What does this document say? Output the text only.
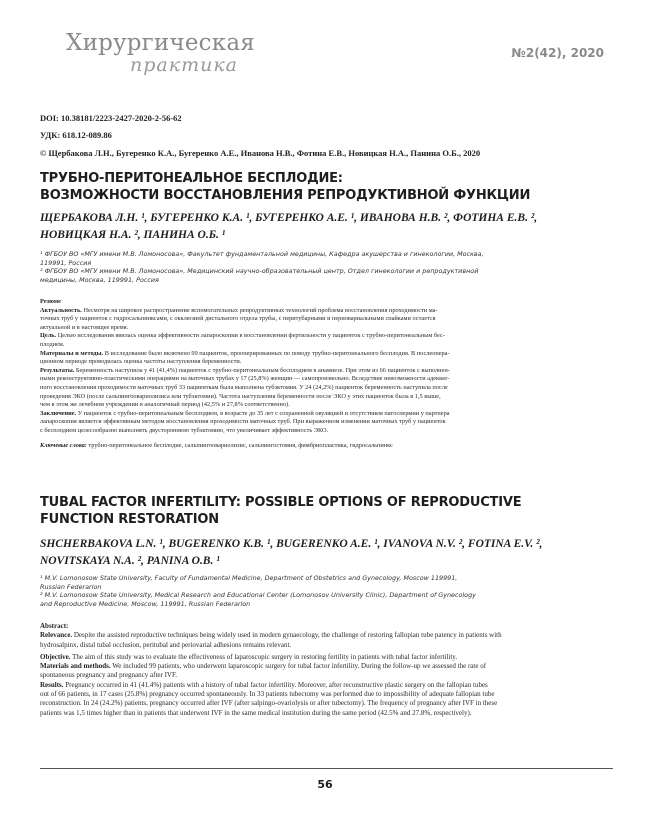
Хирургическая
практика
№2(42), 2020
DOI: 10.38181/2223-2427-2020-2-56-62
УДК: 618.12-089.86
© Щербакова Л.Н., Бугеренко К.А., Бугеренко А.Е., Иванова Н.В., Фотина Е.В., Новицкая Н.А., Панина О.Б., 2020
ТРУБНО-ПЕРИТОНЕАЛЬНОЕ БЕСПЛОДИЕ:
ВОЗМОЖНОСТИ ВОССТАНОВЛЕНИЯ РЕПРОДУКТИВНОЙ ФУНКЦИИ
ЩЕРБАКОВА Л.Н. ¹, БУГЕРЕНКО К.А. ¹, БУГЕРЕНКО А.Е. ¹, ИВАНОВА Н.В. ², ФОТИНА Е.В. ²,
НОВИЦКАЯ Н.А. ², ПАНИНА О.Б. ¹
¹ ФГБОУ ВО «МГУ имени М.В. Ломоносова», Факультет фундаментальной медицины, Кафедра акушерства и гинекологии, Москва,
119991, Россия
² ФГБОУ ВО «МГУ имени М.В. Ломоносова», Медицинский научно-образовательный центр, Отдел гинекологии и репродуктивной
медицины, Москва, 119991, Россия
Резюме
Актуальность. Несмотря на широкое распространение вспомогательных репродуктивных технологий проблема восстановления проходимости ма-
точных труб у пациенток с гидросальпинксами, с окклюзией дистального отдела трубы, с перитубарными и периовариальными спайками остается
актуальной и в настоящее время.
Цель. Целью исследования явилась оценка эффективности лапароскопии в восстановлении фертильности у пациенток с трубно-перитонеальным бес-
плодием.
Материалы и методы. В исследование было включено 99 пациенток, прооперированных по поводу трубно-перитонеального бесплодия. В послеопера-
ционном периоде проводилась оценка частоты наступления беременности.
Результаты. Беременность наступила у 41 (41,4%) пациенток с трубно-перитонеальным бесплодием в анамнезе. При этом из 66 пациенток с выполнен-
ными реконструктивно-пластическими операциями на маточных трубах у 17 (25,8%) женщин — самопроизвольно. Вследствие невозможности адекват-
ного восстановления проходимости маточных труб 33 пациенткам была выполнена тубэктомия. У 24 (24,2%) пациенток беременность наступила после
проведения ЭКО (после сальпингоовариолизиса или тубэктомии). Частота наступления беременности после ЭКО у этих пациенток была в 1,5 выше,
чем в этом же лечебном учреждении в аналогичный период (42,5% и 27,8% соответственно).
Заключение. У пациенток с трубно-перитонеальным бесплодием, в возрасте до 35 лет с сохраненной овуляцией и отсутствием патоспермии у партнера
лапароскопия является эффективным методом восстановления проходимости маточных труб. При выраженном изменении маточных труб у пациенток
с бесплодием целесообразно выполнять двустороннюю тубэктомию, что увеличивает эффективность ЭКО.
Ключевые слова: трубно-перитонеальное бесплодие, сальпингоовариолизис, сальпингостомия, фимбриопластика, гидросальпинкс
TUBAL FACTOR INFERTILITY: POSSIBLE OPTIONS OF REPRODUCTIVE
FUNCTION RESTORATION
SHCHERBAKOVA L.N. ¹, BUGERENKO K.B. ¹, BUGERENKO A.E. ¹, IVANOVA N.V. ², FOTINA E.V. ²,
NOVITSKAYA N.A. ², PANINA O.B. ¹
¹ M.V. Lomonosow State University, Faculty of Fundamental Medicine, Department of Obstetrics and Gynecology, Moscow 119991,
Russian Federarion
² M.V. Lomonosow State University, Medical Research and Educational Center (Lomonosov University Clinic), Department of Gynecology
and Reproductive Medicine, Moscow, 119991, Russian Federarion
Abstract:
Relevance. Despite the assisted reproductive techniques being widely used in modern gynaecology, the challenge of restoring fallopian tube patency in patients with
hydrosalpinx, distal tubal occlusion, peritubal and periovarial adhesions remains relevant.
Objective. The aim of this study was to evaluate the effectiveness of laparoscopic surgery in restoring fertility in patients with tubal factor infertility.
Materials and methods. We included 99 patients, who underwent laparoscopic surgery for tubal factor infertility. During the follow-up we assessed the rate of
spontaneous pregnancy and pregnancy after IVF.
Results. Pregnancy occurred in 41 (41.4%) patients with a history of tubal factor infertility. Moreover, after reconstructive plastic surgery on the fallopian tubes
out of 66 patients, in 17 cases (25.8%) pregnancy occurred spontaneously. In 33 patients tubectomy was performed due to impossibility of adequate fallopian tube
reconstruction. In 24 (24.2%) patients, pregnancy occurred after IVF (after salpingo-ovariolysis or after tubectomy). The frequency of pregnancy after IVF in these
patients was 1,5 times higher than in patients that underwent IVF in the same medical institution during the same period (42.5% and 27.8%, respectively).
56
